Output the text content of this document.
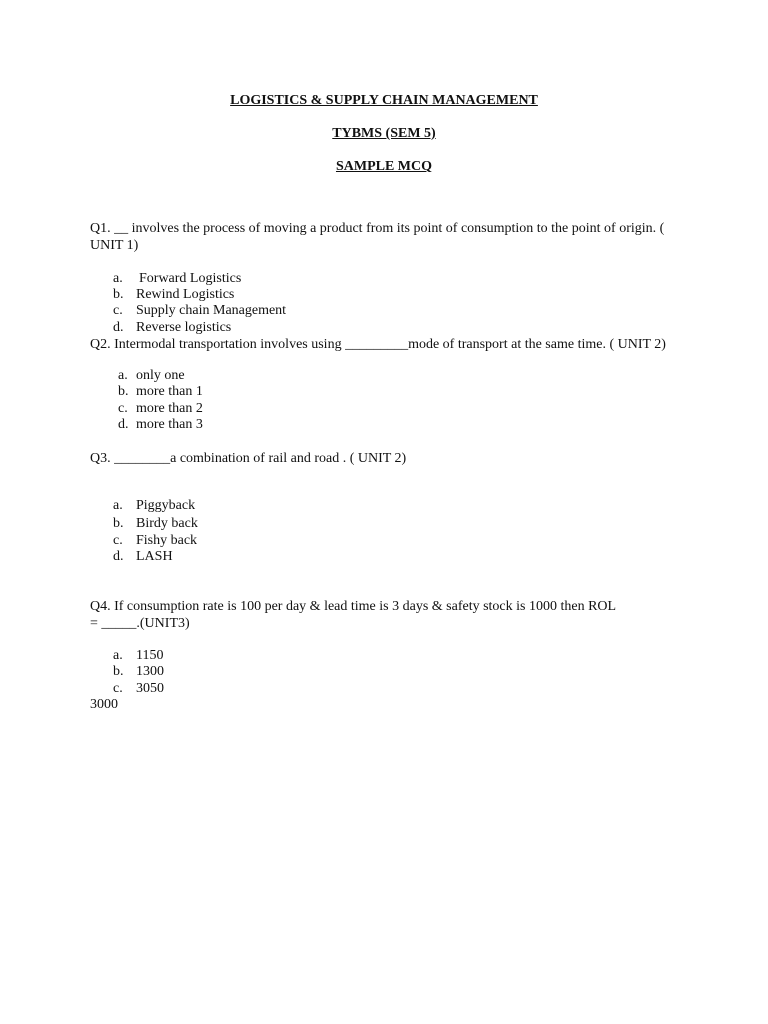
LOGISTICS & SUPPLY CHAIN MANAGEMENT
TYBMS (SEM 5)
SAMPLE MCQ
Q1. __ involves the process of moving a product from its point of consumption to the point of origin. ( UNIT 1)
a. Forward Logistics
b. Rewind Logistics
c. Supply chain Management
d. Reverse logistics
Q2. Intermodal transportation involves using _________mode of transport at the same time. ( UNIT 2)
a. only one
b. more than 1
c. more than 2
d. more than 3
Q3. ________a combination of rail and road . ( UNIT 2)
a. Piggyback
b. Birdy back
c. Fishy back
d. LASH
Q4. If consumption rate is 100 per day & lead time is 3 days & safety stock is 1000 then ROL = _____.(UNIT3)
a. 1150
b. 1300
c. 3050
3000
